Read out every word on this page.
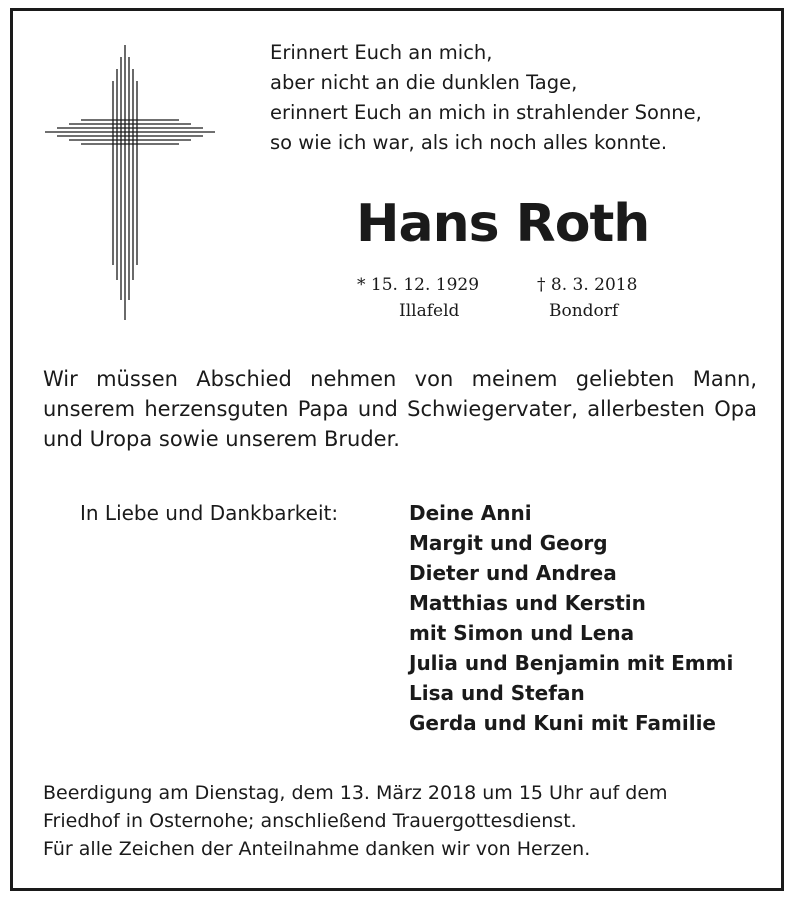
Erinnert Euch an mich,
aber nicht an die dunklen Tage,
erinnert Euch an mich in strahlender Sonne,
so wie ich war, als ich noch alles konnte.
Hans Roth
* 15. 12. 1929
Illafeld
† 8. 3. 2018
Bondorf
Wir müssen Abschied nehmen von meinem geliebten Mann, unserem herzensguten Papa und Schwiegervater, allerbesten Opa und Uropa sowie unserem Bruder.
In Liebe und Dankbarkeit:	Deine Anni
Margit und Georg
Dieter und Andrea
Matthias und Kerstin
mit Simon und Lena
Julia und Benjamin mit Emmi
Lisa und Stefan
Gerda und Kuni mit Familie
Beerdigung am Dienstag, dem 13. März 2018 um 15 Uhr auf dem
Friedhof in Osternohe; anschließend Trauergottesdienst.
Für alle Zeichen der Anteilnahme danken wir von Herzen.
